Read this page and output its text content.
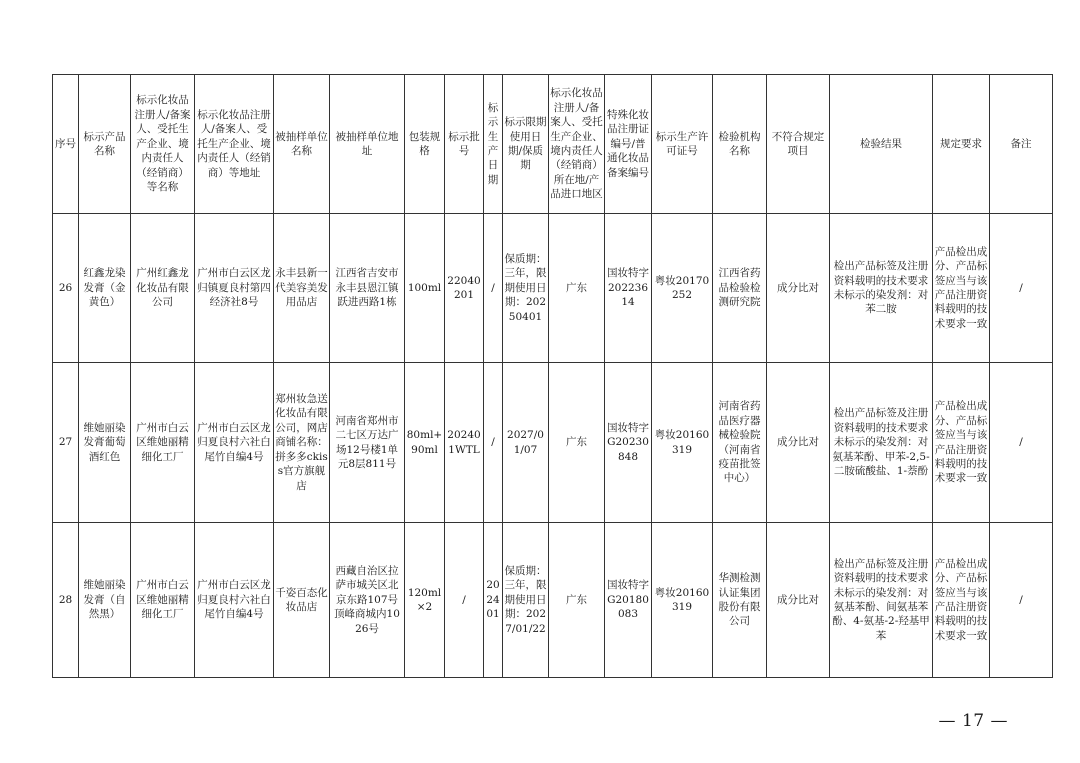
序号	标示产品名称	标示化妆品注册人/备案人、受托生产企业、境内责任人（经销商）等名称	标示化妆品注册人/备案人、受托生产企业、境内责任人（经销商）等地址	被抽样单位名称	被抽样单位地址	包装规格	标示批号	标示生产日期	标示限期使用日期/保质期	标示化妆品注册人/备案人、受托生产企业、境内责任人（经销商）所在地/产品进口地区	特殊化妆品注册证编号/普通化妆品备案编号	标示生产许可证号	检验机构名称	不符合规定项目	检验结果	规定要求	备注
26	红鑫龙染发膏（金黄色）	广州红鑫龙化妆品有限公司	广州市白云区龙归镇夏良村第四经济社8号	永丰县新一代美容美发用品店	江西省吉安市永丰县恩江镇跃进西路1栋	100ml	22040201	/	保质期：三年，限期使用日期：20250401	广东	国妆特字20223614	粤妆20170252	江西省药品检验检测研究院	成分比对	检出产品标签及注册资料载明的技术要求未标示的染发剂：对苯二胺	产品检出成分、产品标签应当与该产品注册资料载明的技术要求一致	/
27	维她丽染发膏葡萄酒红色	广州市白云区维她丽精细化工厂	广州市白云区龙归夏良村六社白尾竹自编4号	郑州妆急送化妆品有限公司，网店商铺名称：拼多多ckiss官方旗舰店	河南省郑州市二七区万达广场12号楼1单元8层811号	80ml+90ml	202401WTL	/	2027/01/07	广东	国妆特字G20230848	粤妆20160319	河南省药品医疗器械检验院（河南省疫苗批签中心）	成分比对	检出产品标签及注册资料载明的技术要求未标示的染发剂：对氨基苯酚、甲苯-2,5-二胺硫酸盐、1-萘酚	产品检出成分、产品标签应当与该产品注册资料载明的技术要求一致	/
28	维她丽染发膏（自然黑）	广州市白云区维她丽精细化工厂	广州市白云区龙归夏良村六社白尾竹自编4号	千姿百态化妆品店	西藏自治区拉萨市城关区北京东路107号顶峰商城内1026号	120ml×2	/	202401	保质期：三年，限期使用日期：2027/01/22	广东	国妆特字G20180083	粤妆20160319	华测检测认证集团股份有限公司	成分比对	检出产品标签及注册资料载明的技术要求未标示的染发剂：对氨基苯酚、间氨基苯酚、4-氨基-2-羟基甲苯	产品检出成分、产品标签应当与该产品注册资料载明的技术要求一致	/
— 17 —
